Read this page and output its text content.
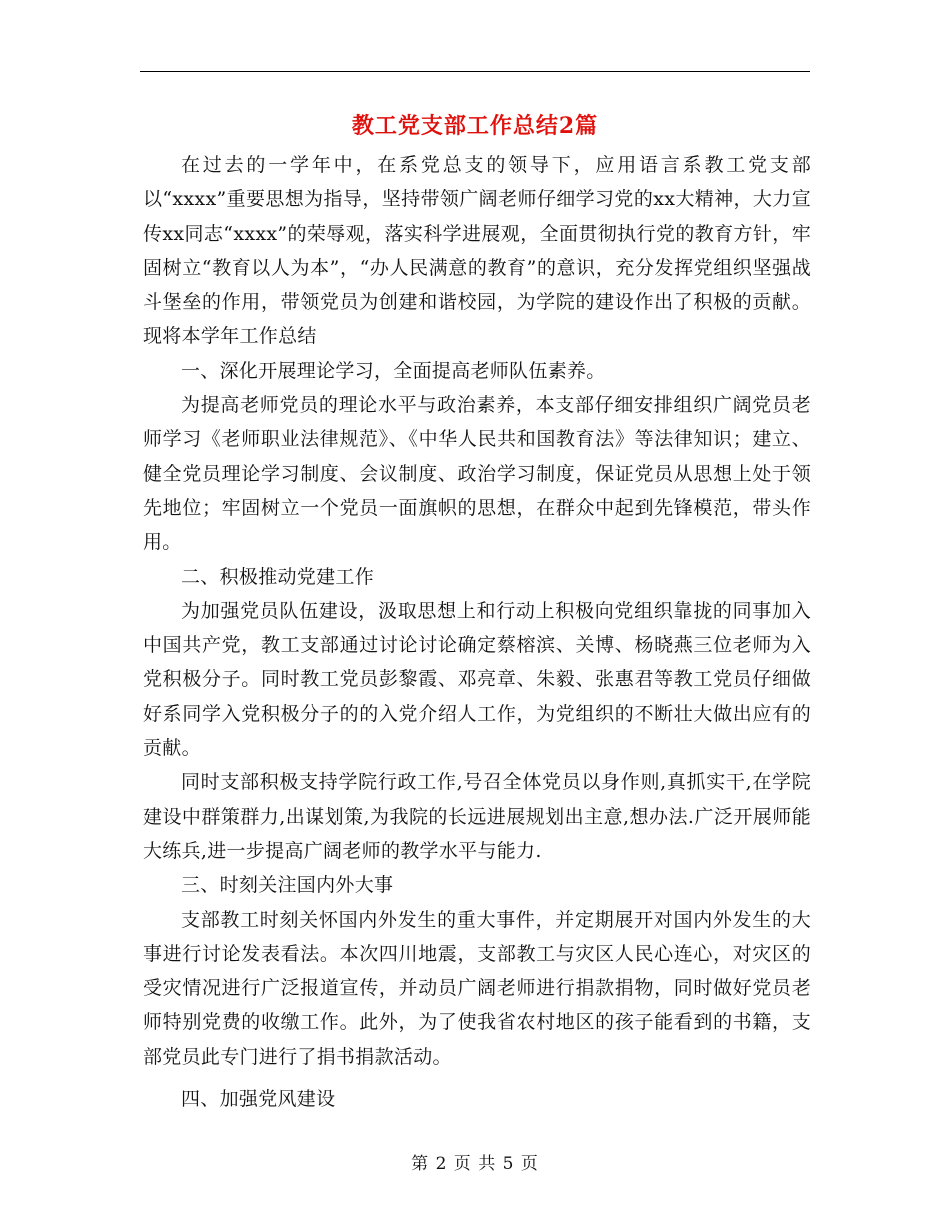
教工党支部工作总结2篇

在过去的一学年中，在系党总支的领导下，应用语言系教工党支部以“xxxx”重要思想为指导，坚持带领广阔老师仔细学习党的xx大精神，大力宣传xx同志“xxxx”的荣辱观，落实科学进展观，全面贯彻执行党的教育方针，牢固树立“教育以人为本”，“办人民满意的教育”的意识，充分发挥党组织坚强战斗堡垒的作用，带领党员为创建和谐校园，为学院的建设作出了积极的贡献。现将本学年工作总结

一、深化开展理论学习，全面提高老师队伍素养。

为提高老师党员的理论水平与政治素养，本支部仔细安排组织广阔党员老师学习《老师职业法律规范》、《中华人民共和国教育法》等法律知识；建立、健全党员理论学习制度、会议制度、政治学习制度，保证党员从思想上处于领先地位；牢固树立一个党员一面旗帜的思想，在群众中起到先锋模范，带头作用。

二、积极推动党建工作

为加强党员队伍建设，汲取思想上和行动上积极向党组织靠拢的同事加入中国共产党，教工支部通过讨论讨论确定蔡榕滨、关博、杨晓燕三位老师为入党积极分子。同时教工党员彭黎霞、邓亮章、朱毅、张惠君等教工党员仔细做好系同学入党积极分子的的入党介绍人工作，为党组织的不断壮大做出应有的贡献。

同时支部积极支持学院行政工作,号召全体党员以身作则,真抓实干,在学院建设中群策群力,出谋划策,为我院的长远进展规划出主意,想办法.广泛开展师能大练兵,进一步提高广阔老师的教学水平与能力.

三、时刻关注国内外大事

支部教工时刻关怀国内外发生的重大事件，并定期展开对国内外发生的大事进行讨论发表看法。本次四川地震，支部教工与灾区人民心连心，对灾区的受灾情况进行广泛报道宣传，并动员广阔老师进行捐款捐物，同时做好党员老师特别党费的收缴工作。此外，为了使我省农村地区的孩子能看到的书籍，支部党员此专门进行了捐书捐款活动。

四、加强党风建设

第 2 页 共 5 页
